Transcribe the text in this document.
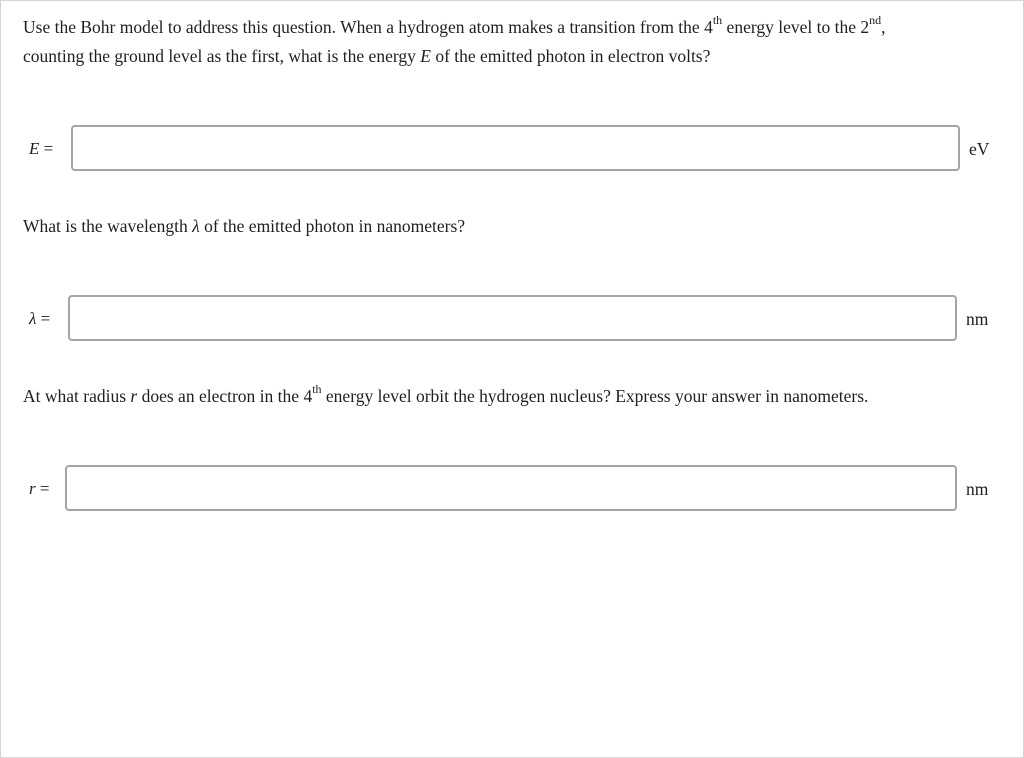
Use the Bohr model to address this question. When a hydrogen atom makes a transition from the 4th energy level to the 2nd,
counting the ground level as the first, what is the energy E of the emitted photon in electron volts?
E =	eV
What is the wavelength λ of the emitted photon in nanometers?
λ =	nm
At what radius r does an electron in the 4th energy level orbit the hydrogen nucleus? Express your answer in nanometers.
r =	nm
